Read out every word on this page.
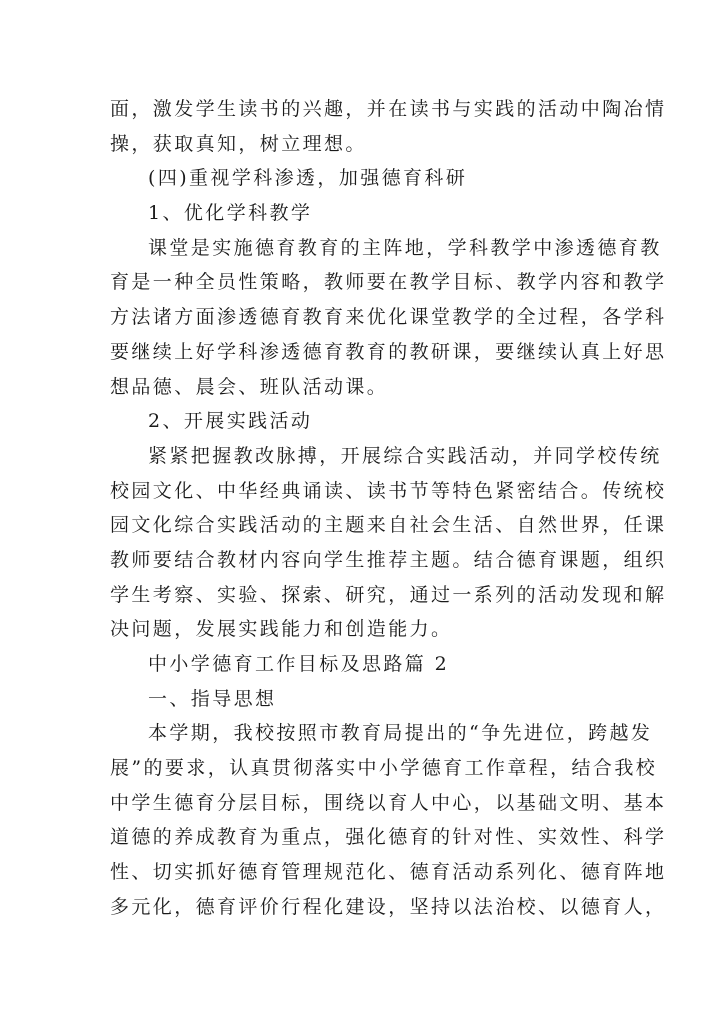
面，激发学生读书的兴趣，并在读书与实践的活动中陶冶情
操，获取真知，树立理想。
(四)重视学科渗透，加强德育科研
1、优化学科教学
课堂是实施德育教育的主阵地，学科教学中渗透德育教
育是一种全员性策略，教师要在教学目标、教学内容和教学
方法诸方面渗透德育教育来优化课堂教学的全过程，各学科
要继续上好学科渗透德育教育的教研课，要继续认真上好思
想品德、晨会、班队活动课。
2、开展实践活动
紧紧把握教改脉搏，开展综合实践活动，并同学校传统
校园文化、中华经典诵读、读书节等特色紧密结合。传统校
园文化综合实践活动的主题来自社会生活、自然世界，任课
教师要结合教材内容向学生推荐主题。结合德育课题，组织
学生考察、实验、探索、研究，通过一系列的活动发现和解
决问题，发展实践能力和创造能力。
中小学德育工作目标及思路篇 2
一、指导思想
本学期，我校按照市教育局提出的“争先进位，跨越发
展”的要求，认真贯彻落实中小学德育工作章程，结合我校
中学生德育分层目标，围绕以育人中心，以基础文明、基本
道德的养成教育为重点，强化德育的针对性、实效性、科学
性、切实抓好德育管理规范化、德育活动系列化、德育阵地
多元化，德育评价行程化建设，坚持以法治校、以德育人，
